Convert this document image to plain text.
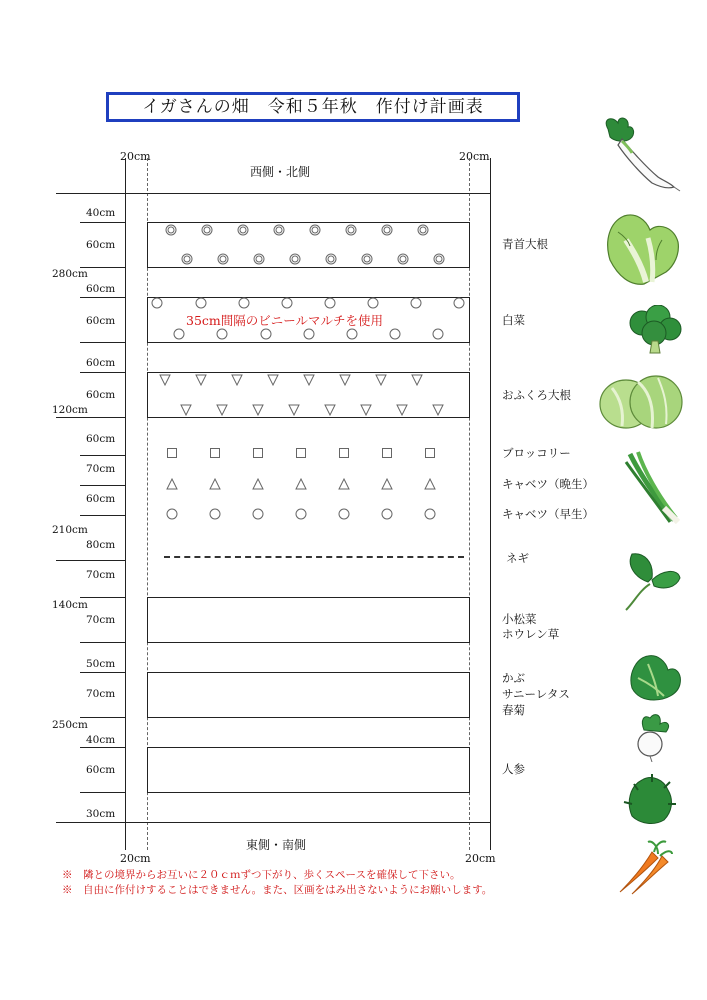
イガさんの畑　令和５年秋　作付け計画表
20cm	20cm
20cm	20cm
西側・北側
東側・南側
40cm
60cm
280cm
60cm
60cm
60cm
60cm
120cm
60cm
70cm
60cm
210cm
80cm
70cm
140cm
70cm
50cm
70cm
250cm
40cm
60cm
30cm
35cm間隔のビニールマルチを使用
青首大根
白菜
おふくろ大根
ブロッコリー
キャベツ（晩生）
キャベツ（早生）
ネギ
小松菜
ホウレン草
かぶ
サニーレタス
春菊
人参
※　隣との境界からお互いに２０ｃｍずつ下がり、歩くスペースを確保して下さい。
※　自由に作付けすることはできません。また、区画をはみ出さないようにお願いします。
